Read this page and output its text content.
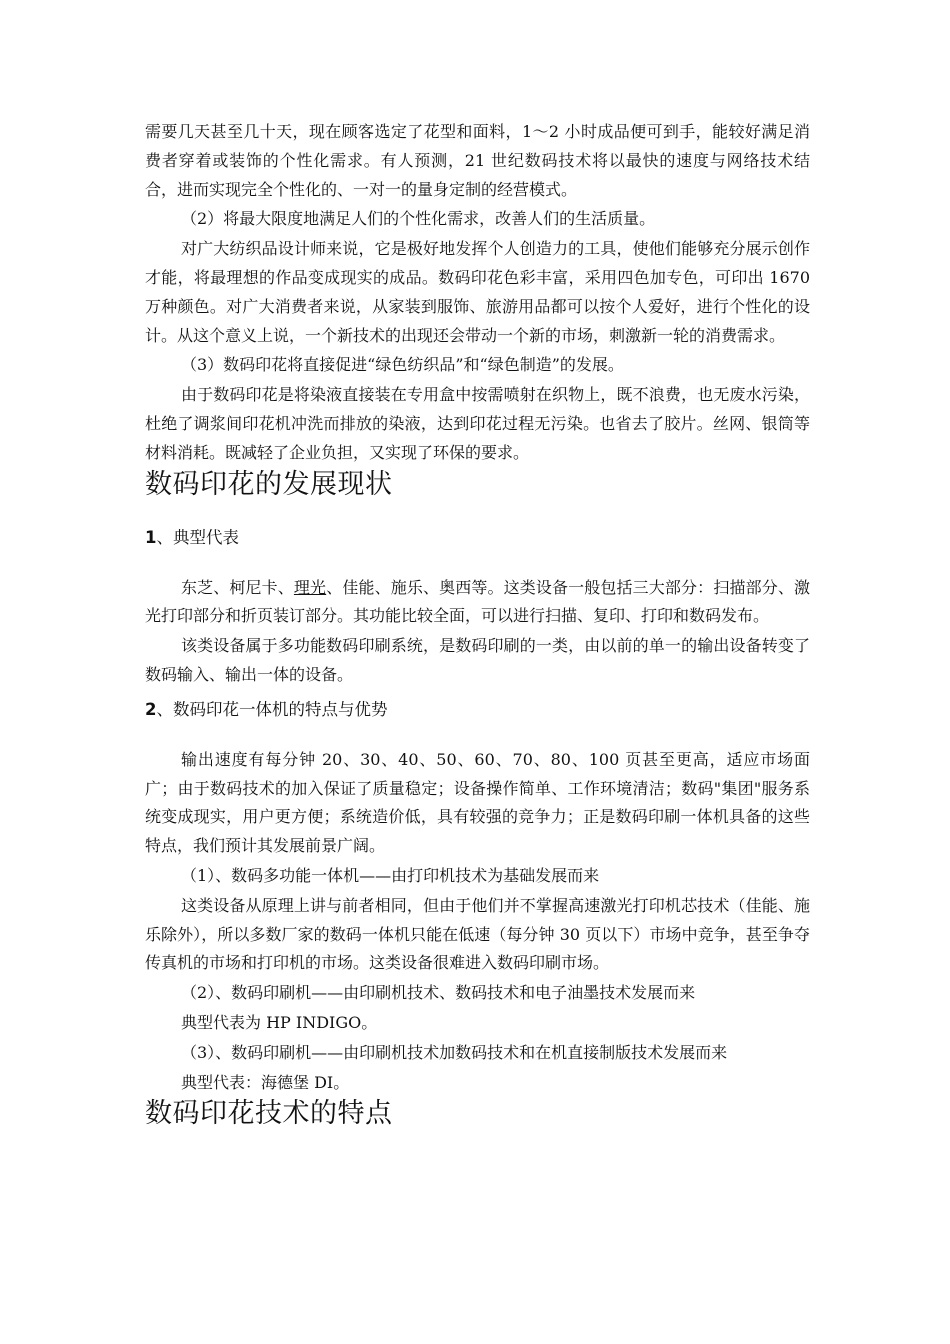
需要几天甚至几十天，现在顾客选定了花型和面料，1～2 小时成品便可到手，能较好满足消费者穿着或装饰的个性化需求。有人预测，21 世纪数码技术将以最快的速度与网络技术结合，进而实现完全个性化的、一对一的量身定制的经营模式。

（2）将最大限度地满足人们的个性化需求，改善人们的生活质量。

对广大纺织品设计师来说，它是极好地发挥个人创造力的工具，使他们能够充分展示创作才能，将最理想的作品变成现实的成品。数码印花色彩丰富，采用四色加专色，可印出 1670 万种颜色。对广大消费者来说，从家装到服饰、旅游用品都可以按个人爱好，进行个性化的设计。从这个意义上说，一个新技术的出现还会带动一个新的市场，刺激新一轮的消费需求。

（3）数码印花将直接促进“绿色纺织品”和“绿色制造”的发展。

由于数码印花是将染液直接装在专用盒中按需喷射在织物上，既不浪费，也无废水污染，杜绝了调浆间印花机冲洗而排放的染液，达到印花过程无污染。也省去了胶片。丝网、银筒等材料消耗。既减轻了企业负担，又实现了环保的要求。

数码印花的发展现状
1、典型代表

东芝、柯尼卡、理光、佳能、施乐、奥西等。这类设备一般包括三大部分：扫描部分、激光打印部分和折页装订部分。其功能比较全面，可以进行扫描、复印、打印和数码发布。

该类设备属于多功能数码印刷系统，是数码印刷的一类，由以前的单一的输出设备转变了数码输入、输出一体的设备。

2、数码印花一体机的特点与优势

输出速度有每分钟 20、30、40、50、60、70、80、100 页甚至更高，适应市场面广；由于数码技术的加入保证了质量稳定；设备操作简单、工作环境清洁；数码"集团"服务系统变成现实，用户更方便；系统造价低，具有较强的竞争力；正是数码印刷一体机具备的这些特点，我们预计其发展前景广阔。

（1）、数码多功能一体机——由打印机技术为基础发展而来

这类设备从原理上讲与前者相同，但由于他们并不掌握高速激光打印机芯技术（佳能、施乐除外），所以多数厂家的数码一体机只能在低速（每分钟 30 页以下）市场中竞争，甚至争夺传真机的市场和打印机的市场。这类设备很难进入数码印刷市场。

（2）、数码印刷机——由印刷机技术、数码技术和电子油墨技术发展而来

典型代表为 HP INDIGO。

（3）、数码印刷机——由印刷机技术加数码技术和在机直接制版技术发展而来

典型代表：海德堡 DI。

数码印花技术的特点
